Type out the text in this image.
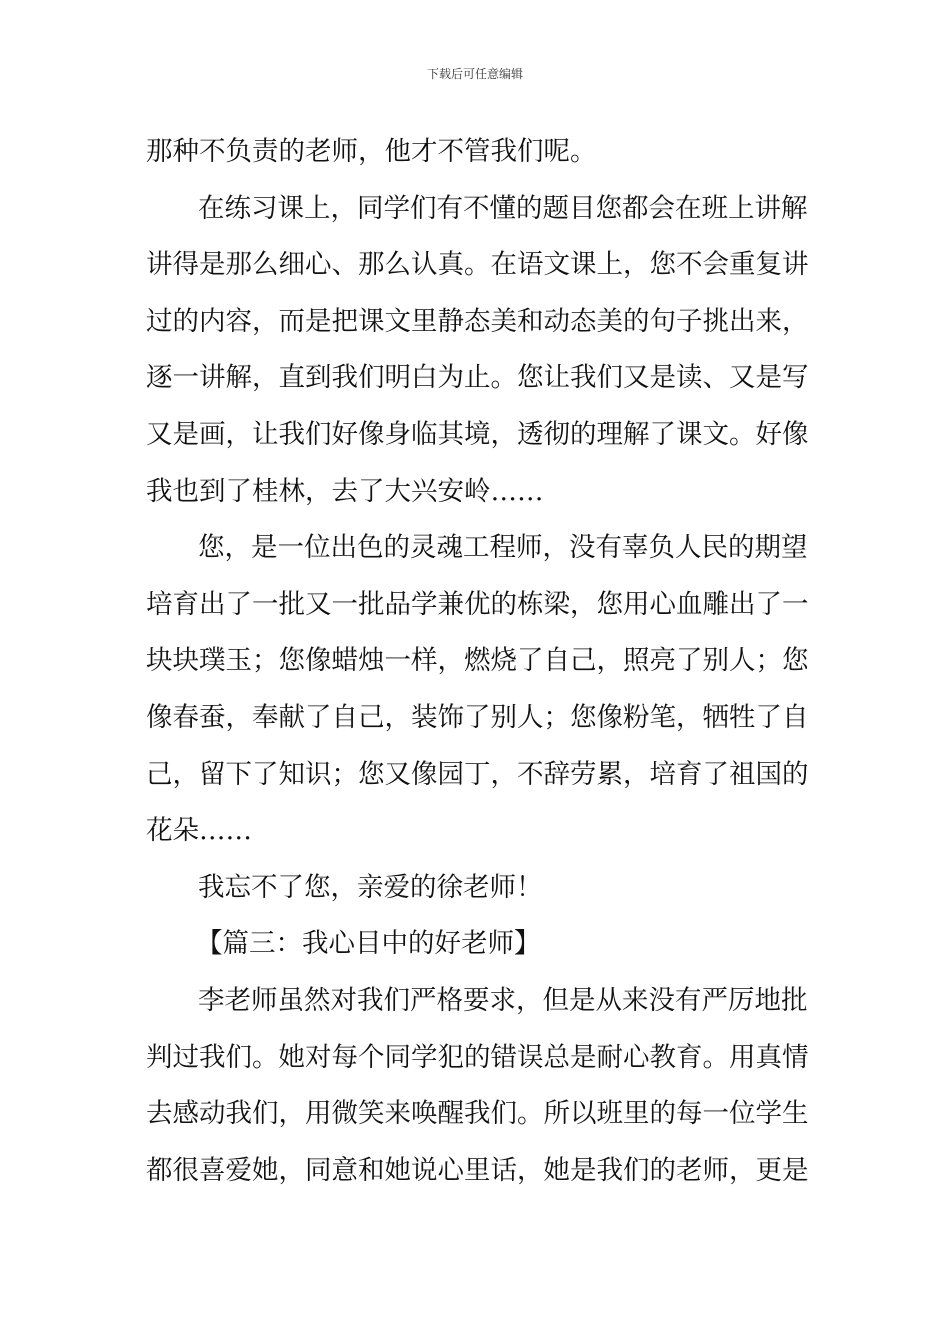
下载后可任意编辑
那种不负责的老师，他才不管我们呢。
在练习课上，同学们有不懂的题目您都会在班上讲解
讲得是那么细心、那么认真。在语文课上，您不会重复讲
过的内容，而是把课文里静态美和动态美的句子挑出来，
逐一讲解，直到我们明白为止。您让我们又是读、又是写
又是画，让我们好像身临其境，透彻的理解了课文。好像
我也到了桂林，去了大兴安岭……
您，是一位出色的灵魂工程师，没有辜负人民的期望
培育出了一批又一批品学兼优的栋梁，您用心血雕出了一
块块璞玉；您像蜡烛一样，燃烧了自己，照亮了别人；您
像春蚕，奉献了自己，装饰了别人；您像粉笔，牺牲了自
己，留下了知识；您又像园丁，不辞劳累，培育了祖国的
花朵……
我忘不了您，亲爱的徐老师！
【篇三：我心目中的好老师】
李老师虽然对我们严格要求，但是从来没有严厉地批
判过我们。她对每个同学犯的错误总是耐心教育。用真情
去感动我们，用微笑来唤醒我们。所以班里的每一位学生
都很喜爱她，同意和她说心里话，她是我们的老师，更是
